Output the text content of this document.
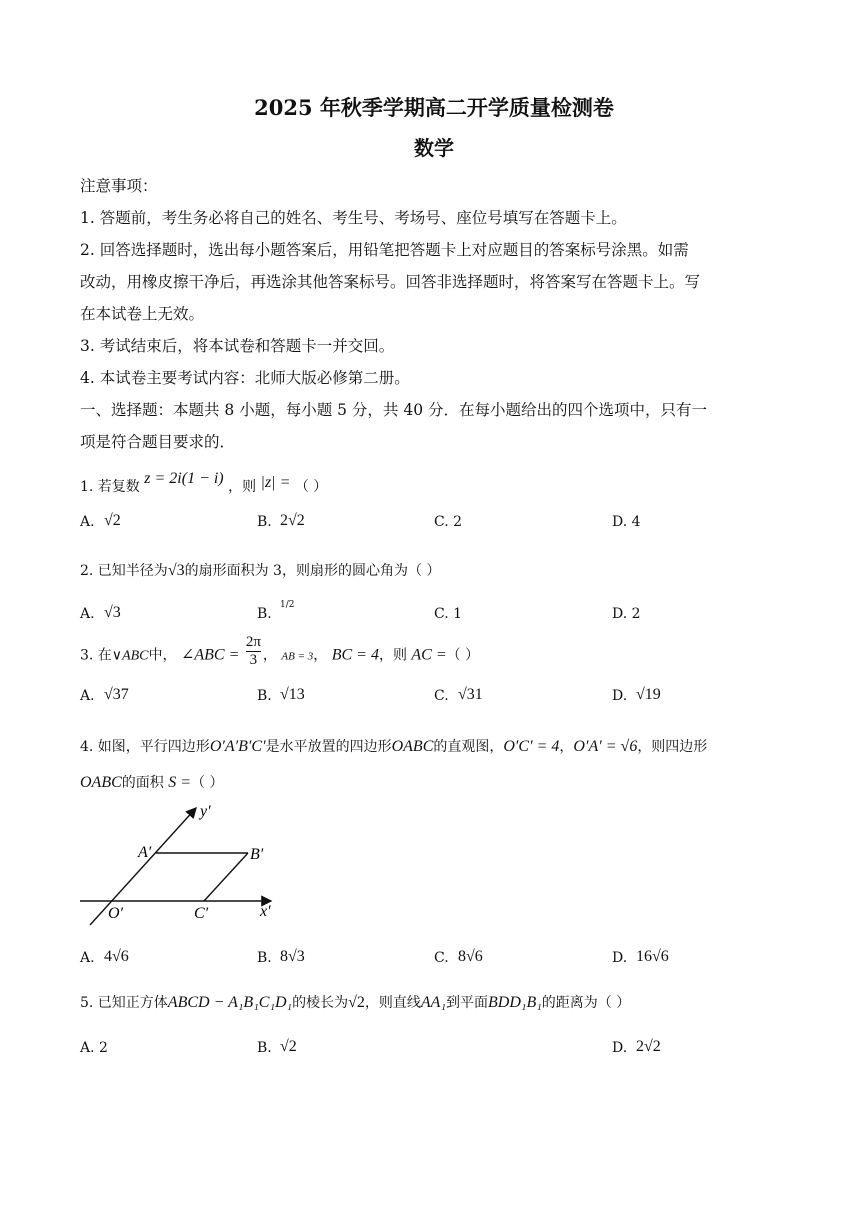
2025 年秋季学期高二开学质量检测卷
数学
注意事项：
1. 答题前，考生务必将自己的姓名、考生号、考场号、座位号填写在答题卡上。
2. 回答选择题时，选出每小题答案后，用铅笔把答题卡上对应题目的答案标号涂黑。如需
改动，用橡皮擦干净后，再选涂其他答案标号。回答非选择题时，将答案写在答题卡上。写
在本试卷上无效。
3. 考试结束后，将本试卷和答题卡一并交回。
4. 本试卷主要考试内容：北师大版必修第二册。
一、选择题：本题共 8 小题，每小题 5 分，共 40 分．在每小题给出的四个选项中，只有一
项是符合题目要求的．
1. 若复数 z = 2i(1 − i) ，则 |z| = （ ）
A. √2	B. 2√2	C. 2	D. 4
2. 已知半径为√3的扇形面积为 3，则扇形的圆心角为（ ）
A. √3	B.
1/2
C. 1	D. 2
3. 在∨ABC中， ∠ABC = $\frac{2\pi}{3}$ ， AB = 3， BC = 4，则 AC =（ ）
A. √37	B. √13	C. √31	D. √19
4. 如图，平行四边形O′A′B′C′是水平放置的四边形OABC的直观图，O′C′ = 4，O′A′ = √6，则四边形
OABC的面积 S =（ ）
y′
A′	B′
O′	C′	x′
A. 4√6	B. 8√3	C. 8√6	D. 16√6
5. 已知正方体ABCD − A₁B₁C₁D₁的棱长为√2，则直线AA₁到平面BDD₁B₁的距离为（ ）
A. 2	B. √2	D. 2√2
